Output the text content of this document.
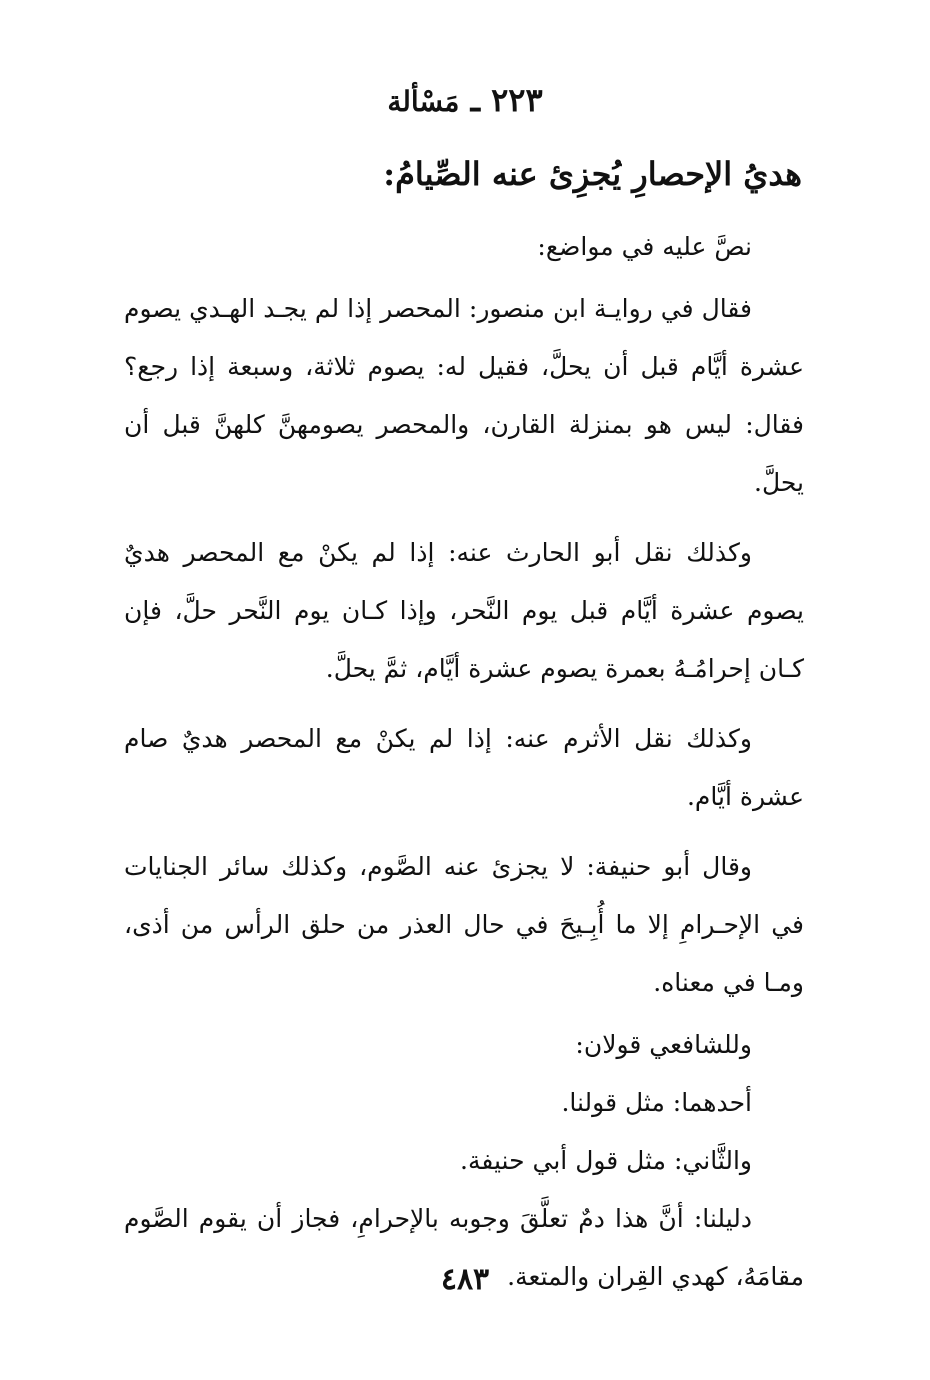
٢٢٣ ـ مَسْألة
هديُ الإحصارِ يُجزِئ عنه الصِّيامُ:

نصَّ عليه في مواضع:

فقال في روايـة ابن منصور: المحصر إذا لم يجـد الهـدي يصوم عشرة أيَّام قبل أن يحلَّ، فقيل له: يصوم ثلاثة، وسبعة إذا رجع؟ فقال: ليس هو بمنزلة القارن، والمحصر يصومهنَّ كلهنَّ قبل أن يحلَّ.

وكذلك نقل أبو الحارث عنه: إذا لم يكنْ مع المحصر هديٌ يصوم عشرة أيَّام قبل يوم النَّحر، وإذا كـان يوم النَّحر حلَّ، فإن كـان إحرامُـهُ بعمرة يصوم عشرة أيَّام، ثمَّ يحلَّ.

وكذلك نقل الأثرم عنه: إذا لم يكنْ مع المحصر هديٌ صام عشرة أيَّام.

وقال أبو حنيفة: لا يجزئ عنه الصَّوم، وكذلك سائر الجنايات في الإحـرامِ إلا ما أُبِـيحَ في حال العذر من حلق الرأس من أذى، ومـا في معناه.

وللشافعي قولان:

أحدهما: مثل قولنا.

والثَّاني: مثل قول أبي حنيفة.

دليلنا: أنَّ هذا دمٌ تعلَّقَ وجوبه بالإحرامِ، فجاز أن يقوم الصَّوم مقامَهُ، كهدي القِران والمتعة.

٤٨٣
